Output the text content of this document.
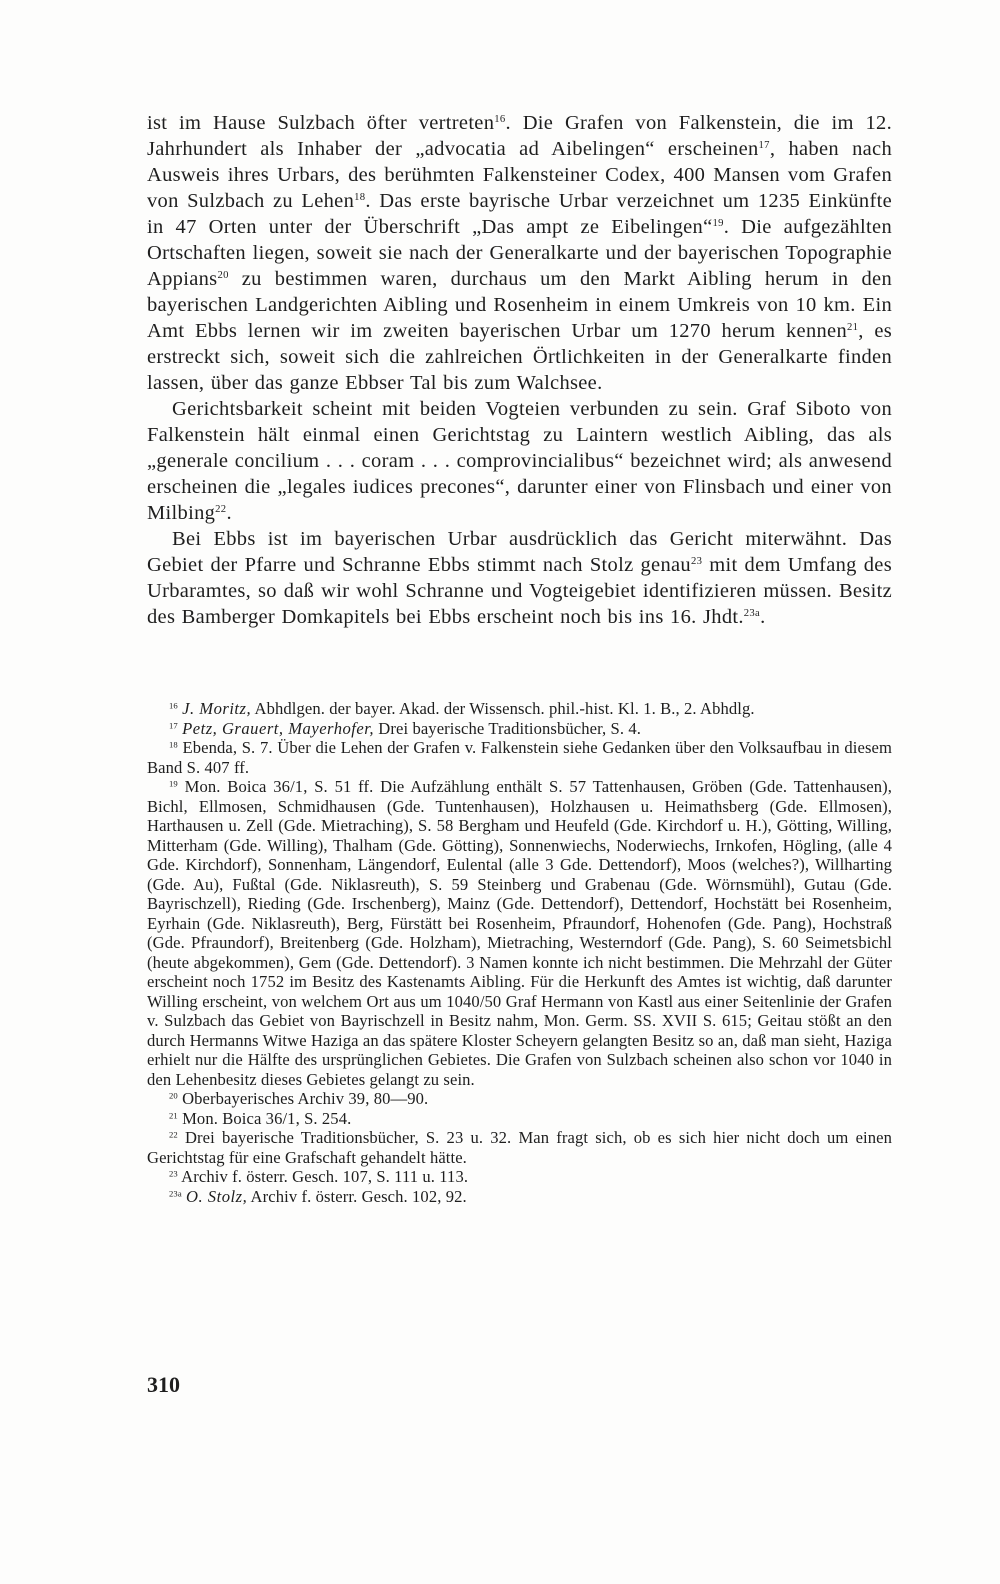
ist im Hause Sulzbach öfter vertreten$^{16}$. Die Grafen von Falkenstein, die im 12. Jahrhundert als Inhaber der „advocatia ad Aibelingen“ erscheinen$^{17}$, haben nach Ausweis ihres Urbars, des berühmten Falkensteiner Codex, 400 Mansen vom Grafen von Sulzbach zu Lehen$^{18}$. Das erste bayrische Urbar verzeichnet um 1235 Einkünfte in 47 Orten unter der Überschrift „Das ampt ze Eibelingen“$^{19}$. Die aufgezählten Ortschaften liegen, soweit sie nach der Generalkarte und der bayerischen Topographie Appians$^{20}$ zu bestimmen waren, durchaus um den Markt Aibling herum in den bayerischen Landgerichten Aibling und Rosenheim in einem Umkreis von 10 km. Ein Amt Ebbs lernen wir im zweiten bayerischen Urbar um 1270 herum kennen$^{21}$, es erstreckt sich, soweit sich die zahlreichen Örtlichkeiten in der Generalkarte finden lassen, über das ganze Ebbser Tal bis zum Walchsee.

Gerichtsbarkeit scheint mit beiden Vogteien verbunden zu sein. Graf Siboto von Falkenstein hält einmal einen Gerichtstag zu Laintern westlich Aibling, das als „generale concilium . . . coram . . . comprovincialibus“ bezeichnet wird; als anwesend erscheinen die „legales iudices precones“, darunter einer von Flinsbach und einer von Milbing$^{22}$.

Bei Ebbs ist im bayerischen Urbar ausdrücklich das Gericht miterwähnt. Das Gebiet der Pfarre und Schranne Ebbs stimmt nach Stolz genau$^{23}$ mit dem Umfang des Urbaramtes, so daß wir wohl Schranne und Vogteigebiet identifizieren müssen. Besitz des Bamberger Domkapitels bei Ebbs erscheint noch bis ins 16. Jhdt.$^{23a}$.

$^{16}$ J. Moritz, Abhdlgen. der bayer. Akad. der Wissensch. phil.-hist. Kl. 1. B., 2. Abhdlg.

$^{17}$ Petz, Grauert, Mayerhofer, Drei bayerische Traditionsbücher, S. 4.

$^{18}$ Ebenda, S. 7. Über die Lehen der Grafen v. Falkenstein siehe Gedanken über den Volksaufbau in diesem Band S. 407 ff.

$^{19}$ Mon. Boica 36/1, S. 51 ff. Die Aufzählung enthält S. 57 Tattenhausen, Gröben (Gde. Tattenhausen), Bichl, Ellmosen, Schmidhausen (Gde. Tuntenhausen), Holzhausen u. Heimathsberg (Gde. Ellmosen), Harthausen u. Zell (Gde. Mietraching), S. 58 Bergham und Heufeld (Gde. Kirchdorf u. H.), Götting, Willing, Mitterham (Gde. Willing), Thalham (Gde. Götting), Sonnenwiechs, Noderwiechs, Irnkofen, Högling, (alle 4 Gde. Kirchdorf), Sonnenham, Längendorf, Eulental (alle 3 Gde. Dettendorf), Moos (welches?), Willharting (Gde. Au), Fußtal (Gde. Niklasreuth), S. 59 Steinberg und Grabenau (Gde. Wörnsmühl), Gutau (Gde. Bayrischzell), Rieding (Gde. Irschenberg), Mainz (Gde. Dettendorf), Dettendorf, Hochstätt bei Rosenheim, Eyrhain (Gde. Niklasreuth), Berg, Fürstätt bei Rosenheim, Pfraundorf, Hohenofen (Gde. Pang), Hochstraß (Gde. Pfraundorf), Breitenberg (Gde. Holzham), Mietraching, Westerndorf (Gde. Pang), S. 60 Seimetsbichl (heute abgekommen), Gem (Gde. Dettendorf). 3 Namen konnte ich nicht bestimmen. Die Mehrzahl der Güter erscheint noch 1752 im Besitz des Kastenamts Aibling. Für die Herkunft des Amtes ist wichtig, daß darunter Willing erscheint, von welchem Ort aus um 1040/50 Graf Hermann von Kastl aus einer Seitenlinie der Grafen v. Sulzbach das Gebiet von Bayrischzell in Besitz nahm, Mon. Germ. SS. XVII S. 615; Geitau stößt an den durch Hermanns Witwe Haziga an das spätere Kloster Scheyern gelangten Besitz so an, daß man sieht, Haziga erhielt nur die Hälfte des ursprünglichen Gebietes. Die Grafen von Sulzbach scheinen also schon vor 1040 in den Lehenbesitz dieses Gebietes gelangt zu sein.

$^{20}$ Oberbayerisches Archiv 39, 80—90.

$^{21}$ Mon. Boica 36/1, S. 254.

$^{22}$ Drei bayerische Traditionsbücher, S. 23 u. 32. Man fragt sich, ob es sich hier nicht doch um einen Gerichtstag für eine Grafschaft gehandelt hätte.

$^{23}$ Archiv f. österr. Gesch. 107, S. 111 u. 113.

$^{23a}$ O. Stolz, Archiv f. österr. Gesch. 102, 92.

310
